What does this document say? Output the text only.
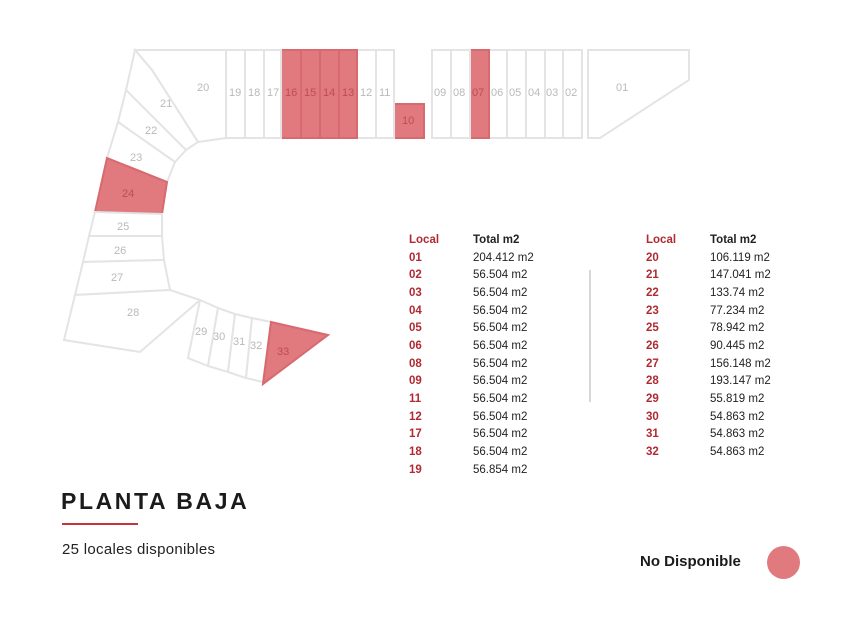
01
02
03
04
05
06
07
08
09
10
11
12
13
14
15
16
17
18
19
20
21
22
23
24
25
26
27
28
29 30 31 32 33
Local	Total m2
01	204.412 m2
02	56.504 m2
03	56.504 m2
04	56.504 m2
05	56.504 m2
06	56.504 m2
08	56.504 m2
09	56.504 m2
11	56.504 m2
12	56.504 m2
17	56.504 m2
18	56.504 m2
19	56.854 m2
Local	Total m2
20	106.119 m2
21	147.041 m2
22	133.74 m2
23	77.234 m2
25	78.942 m2
26	90.445 m2
27	156.148 m2
28	193.147 m2
29	55.819 m2
30	54.863 m2
31	54.863 m2
32	54.863 m2
PLANTA BAJA
25 locales disponibles
No Disponible
